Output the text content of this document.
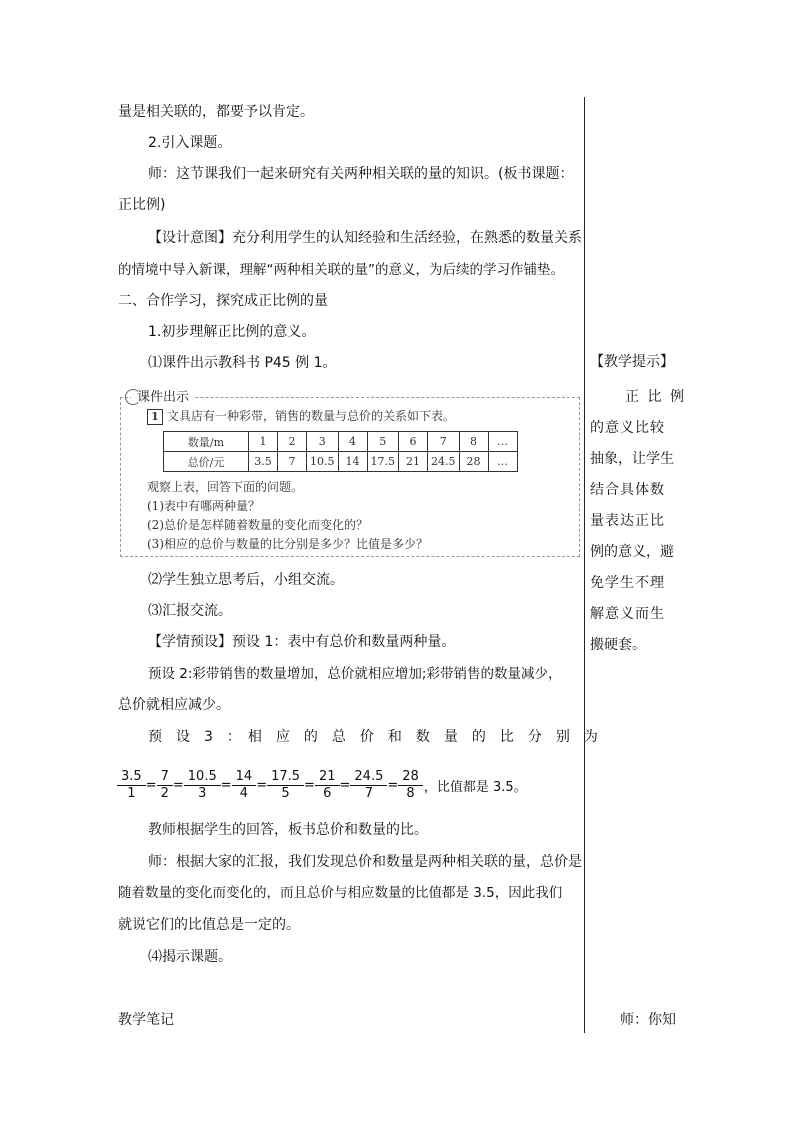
量是相关联的，都要予以肯定。
2.引入课题。
师：这节课我们一起来研究有关两种相关联的量的知识。(板书课题：
正比例)
【设计意图】充分利用学生的认知经验和生活经验，在熟悉的数量关系
的情境中导入新课，理解“两种相关联的量”的意义，为后续的学习作铺垫。
二、合作学习，探究成正比例的量
1.初步理解正比例的意义。
⑴课件出示教科书 P45 例 1。
课件出示
1 文具店有一种彩带，销售的数量与总价的关系如下表。
数量/m	1	2	3	4	5	6	7	8	…
总价/元	3.5	7	10.5	14	17.5	21	24.5	28	…
观察上表，回答下面的问题。
(1)表中有哪两种量？
(2)总价是怎样随着数量的变化而变化的？
(3)相应的总价与数量的比分别是多少？比值是多少？
⑵学生独立思考后，小组交流。
⑶汇报交流。
【学情预设】预设 1：表中有总价和数量两种量。
预设 2:彩带销售的数量增加，总价就相应增加;彩带销售的数量减少，
总价就相应减少。
预　设　3　：　相　应　的　总　价　和　数　量　的　比　分　别　为
$\frac{3.5}{1} = \frac{7}{2} = \frac{10.5}{3} = \frac{14}{4} = \frac{17.5}{5} = \frac{21}{6} = \frac{24.5}{7} = \frac{28}{8}$ ，比值都是 3.5。
教师根据学生的回答，板书总价和数量的比。
师：根据大家的汇报，我们发现总价和数量是两种相关联的量，总价是
随着数量的变化而变化的，而且总价与相应数量的比值都是 3.5，因此我们
就说它们的比值总是一定的。
⑷揭示课题。
教学笔记

【教学提示】

正 比 例

的意义比较

抽象，让学生

结合具体数

量表达正比

例的意义，避

免学生不理

解意义而生

搬硬套。

师：你知
